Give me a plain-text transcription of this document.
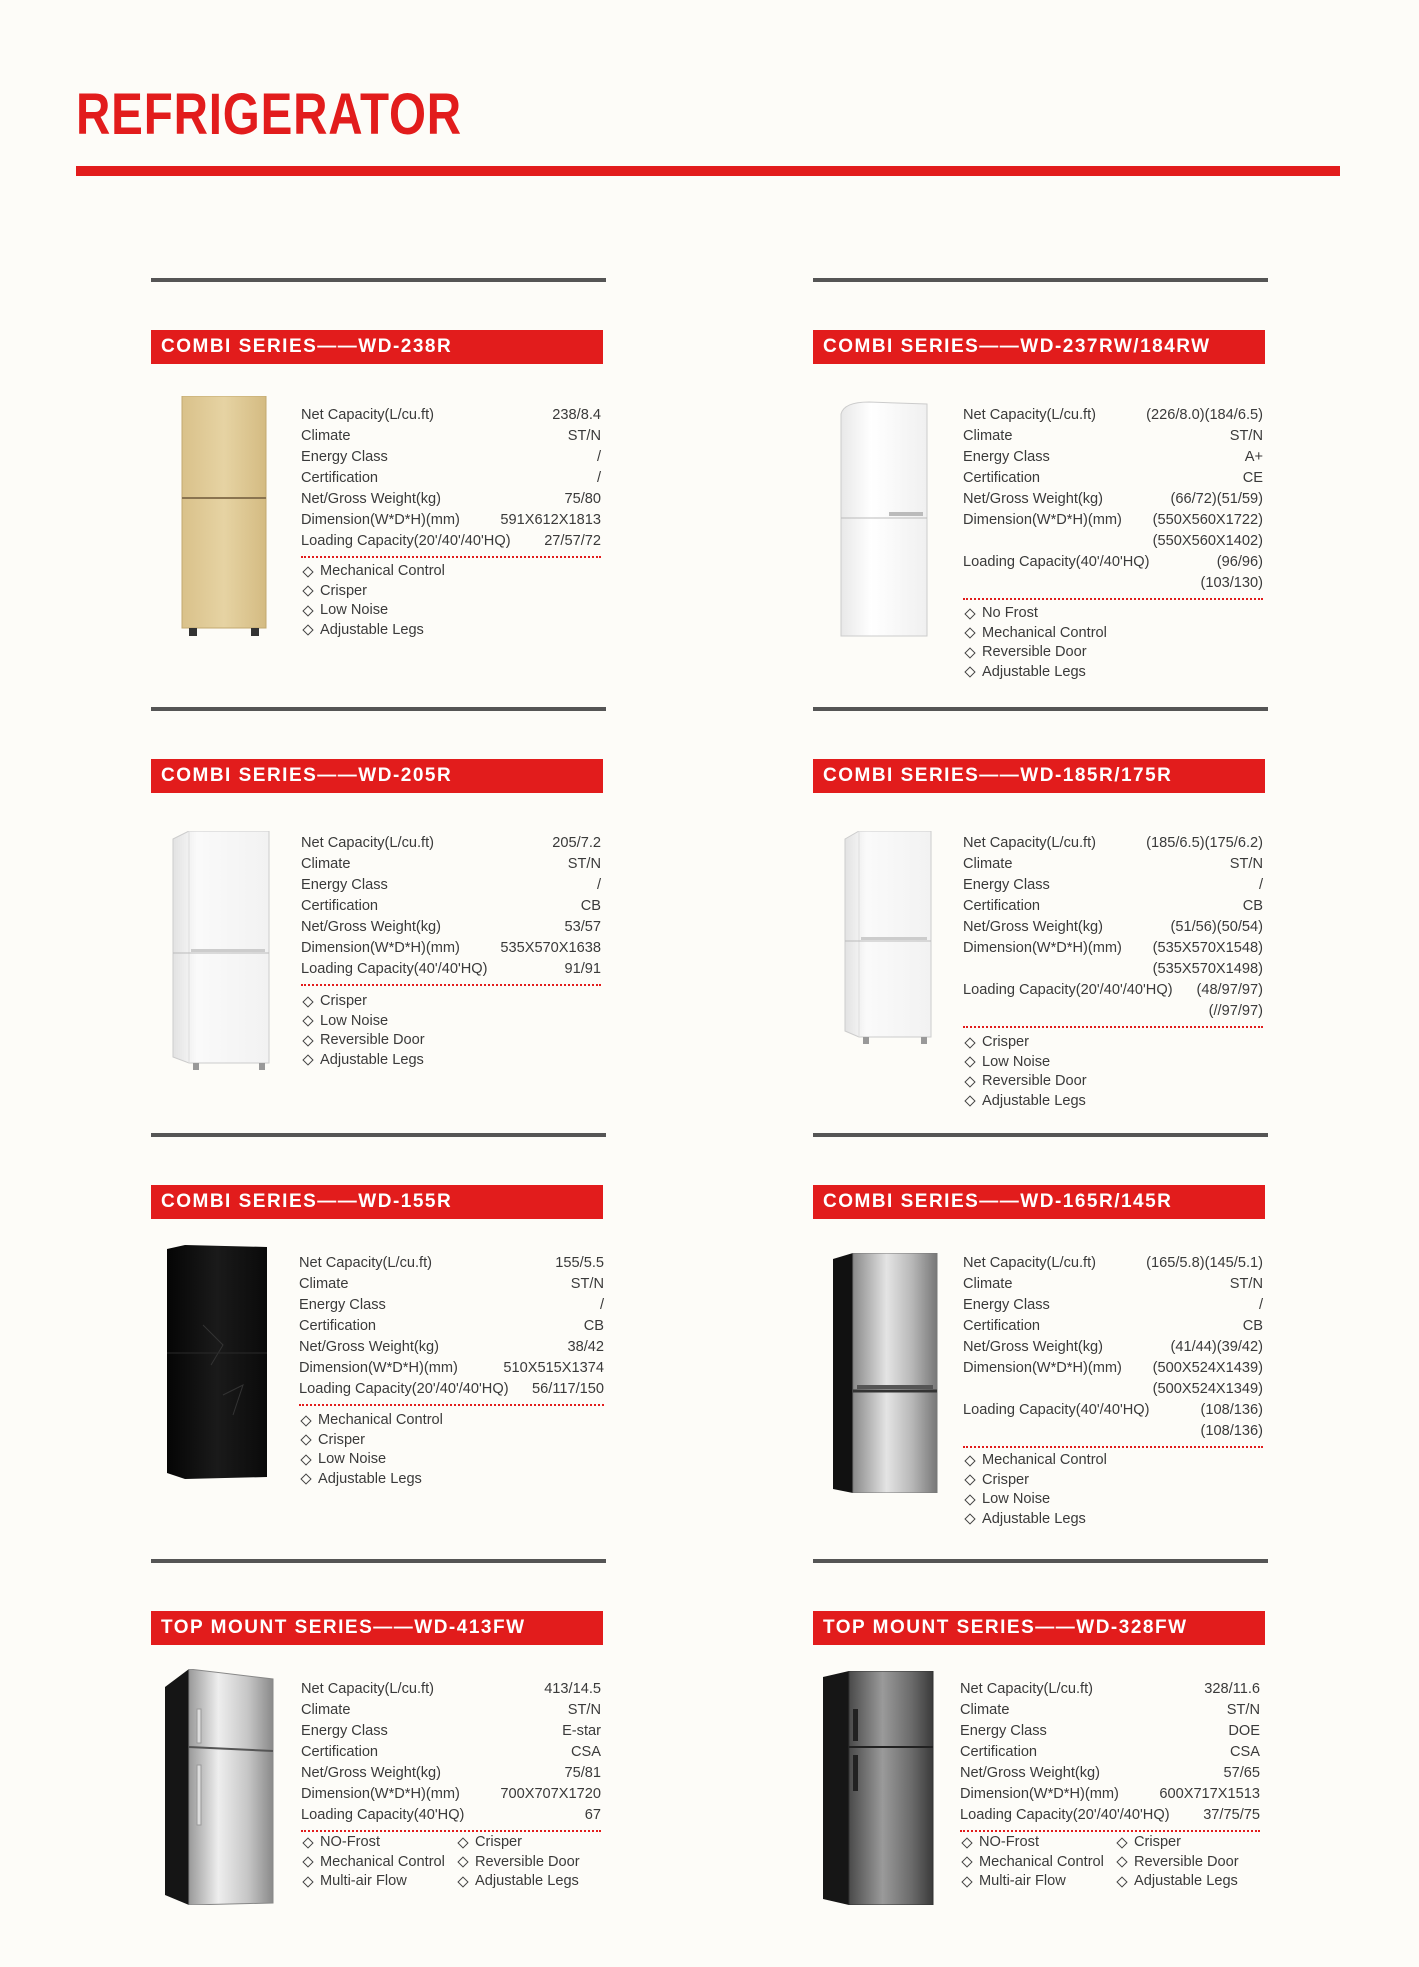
REFRIGERATOR
COMBI SERIES——WD-238R
Net Capacity(L/cu.ft)	238/8.4
Climate	ST/N
Energy Class	/
Certification	/
Net/Gross Weight(kg)	75/80
Dimension(W*D*H)(mm)	591X612X1813
Loading Capacity(20'/40'/40'HQ) 27/57/72
Mechanical Control
Crisper
Low Noise
Adjustable Legs
COMBI SERIES——WD-237RW/184RW
Net Capacity(L/cu.ft)	(226/8.0)(184/6.5)
Climate	ST/N
Energy Class	A+
Certification	CE
Net/Gross Weight(kg)	(66/72)(51/59)
Dimension(W*D*H)(mm) (550X560X1722)
(550X560X1402)
Loading Capacity(40'/40'HQ)	(96/96)
(103/130)
No Frost
Mechanical Control
Reversible Door
Adjustable Legs
COMBI SERIES——WD-205R
Net Capacity(L/cu.ft)	205/7.2
Climate	ST/N
Energy Class	/
Certification	CB
Net/Gross Weight(kg)	53/57
Dimension(W*D*H)(mm)	535X570X1638
Loading Capacity(40'/40'HQ)	91/91
Crisper
Low Noise
Reversible Door
Adjustable Legs
COMBI SERIES——WD-185R/175R
Net Capacity(L/cu.ft)	(185/6.5)(175/6.2)
Climate	ST/N
Energy Class	/
Certification	CB
Net/Gross Weight(kg)	(51/56)(50/54)
Dimension(W*D*H)(mm) (535X570X1548)
(535X570X1498)
Loading Capacity(20'/40'/40'HQ) (48/97/97)
(//97/97)
Crisper
Low Noise
Reversible Door
Adjustable Legs
COMBI SERIES——WD-155R
Net Capacity(L/cu.ft)	155/5.5
Climate	ST/N
Energy Class	/
Certification	CB
Net/Gross Weight(kg)	38/42
Dimension(W*D*H)(mm)	510X515X1374
Loading Capacity(20'/40'/40'HQ) 56/117/150
Mechanical Control
Crisper
Low Noise
Adjustable Legs
COMBI SERIES——WD-165R/145R
Net Capacity(L/cu.ft)	(165/5.8)(145/5.1)
Climate	ST/N
Energy Class	/
Certification	CB
Net/Gross Weight(kg)	(41/44)(39/42)
Dimension(W*D*H)(mm) (500X524X1439)
(500X524X1349)
Loading Capacity(40'/40'HQ)	(108/136)
(108/136)
Mechanical Control
Crisper
Low Noise
Adjustable Legs
TOP MOUNT SERIES——WD-413FW
Net Capacity(L/cu.ft)	413/14.5
Climate	ST/N
Energy Class	E-star
Certification	CSA
Net/Gross Weight(kg)	75/81
Dimension(W*D*H)(mm)	700X707X1720
Loading Capacity(40'HQ)	67
NO-Frost
Mechanical Control
Multi-air Flow
Crisper
Reversible Door
Adjustable Legs
TOP MOUNT SERIES——WD-328FW
Net Capacity(L/cu.ft)	328/11.6
Climate	ST/N
Energy Class	DOE
Certification	CSA
Net/Gross Weight(kg)	57/65
Dimension(W*D*H)(mm)	600X717X1513
Loading Capacity(20'/40'/40'HQ) 37/75/75
NO-Frost
Mechanical Control
Multi-air Flow
Crisper
Reversible Door
Adjustable Legs
